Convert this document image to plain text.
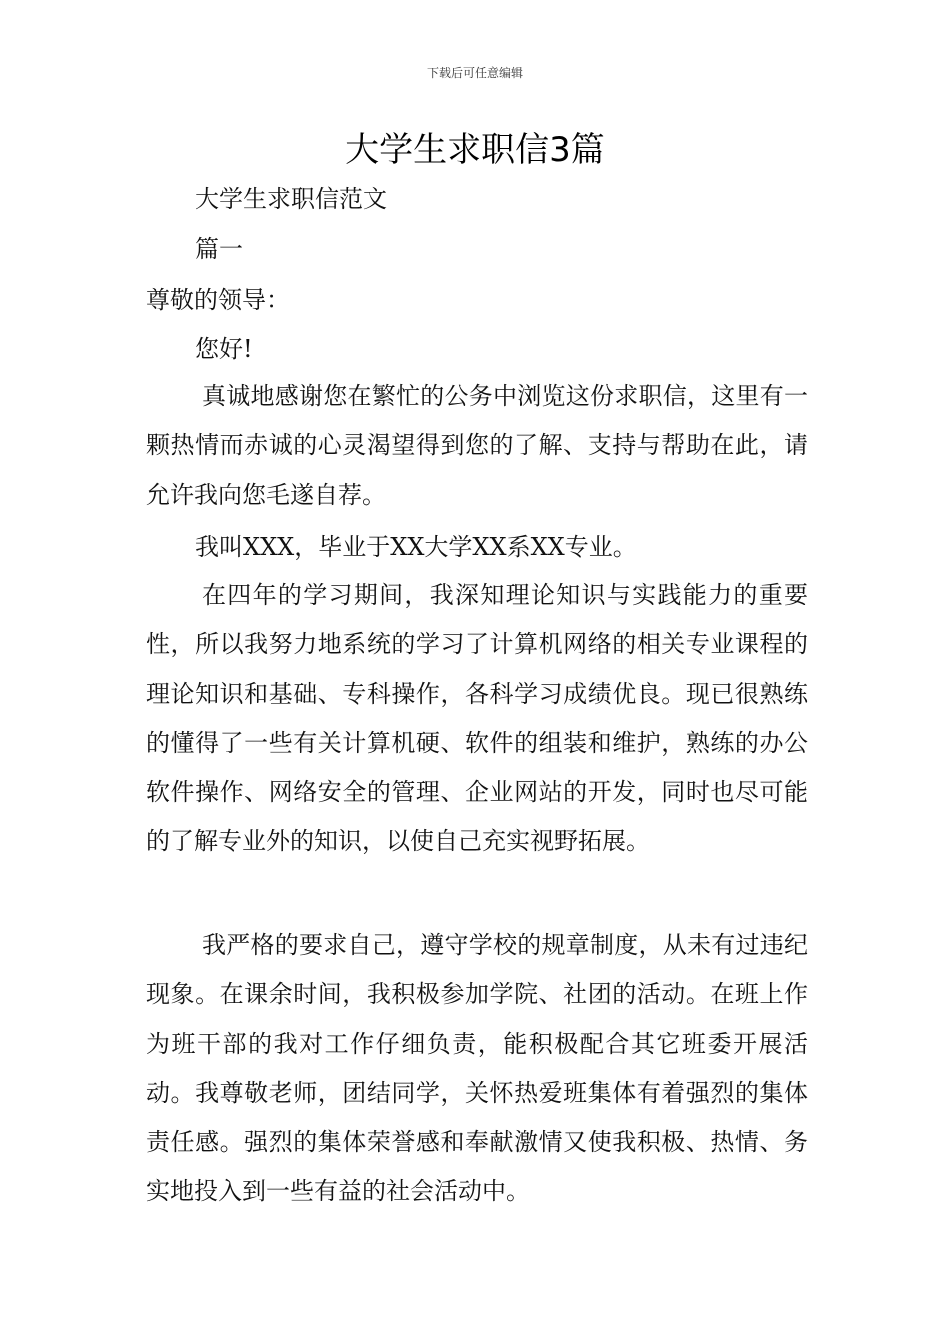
下载后可任意编辑
大学生求职信3篇
大学生求职信范文
篇一
尊敬的领导：
您好!

真诚地感谢您在繁忙的公务中浏览这份求职信，这里有一颗热情而赤诚的心灵渴望得到您的了解、支持与帮助在此，请允许我向您毛遂自荐。

我叫XXX，毕业于XX大学XX系XX专业。

在四年的学习期间，我深知理论知识与实践能力的重要性，所以我努力地系统的学习了计算机网络的相关专业课程的理论知识和基础、专科操作，各科学习成绩优良。现已很熟练的懂得了一些有关计算机硬、软件的组装和维护，熟练的办公软件操作、网络安全的管理、企业网站的开发，同时也尽可能的了解专业外的知识，以使自己充实视野拓展。

我严格的要求自己，遵守学校的规章制度，从未有过违纪现象。在课余时间，我积极参加学院、社团的活动。在班上作为班干部的我对工作仔细负责，能积极配合其它班委开展活动。我尊敬老师，团结同学，关怀热爱班集体有着强烈的集体责任感。强烈的集体荣誉感和奉献激情又使我积极、热情、务实地投入到一些有益的社会活动中。
